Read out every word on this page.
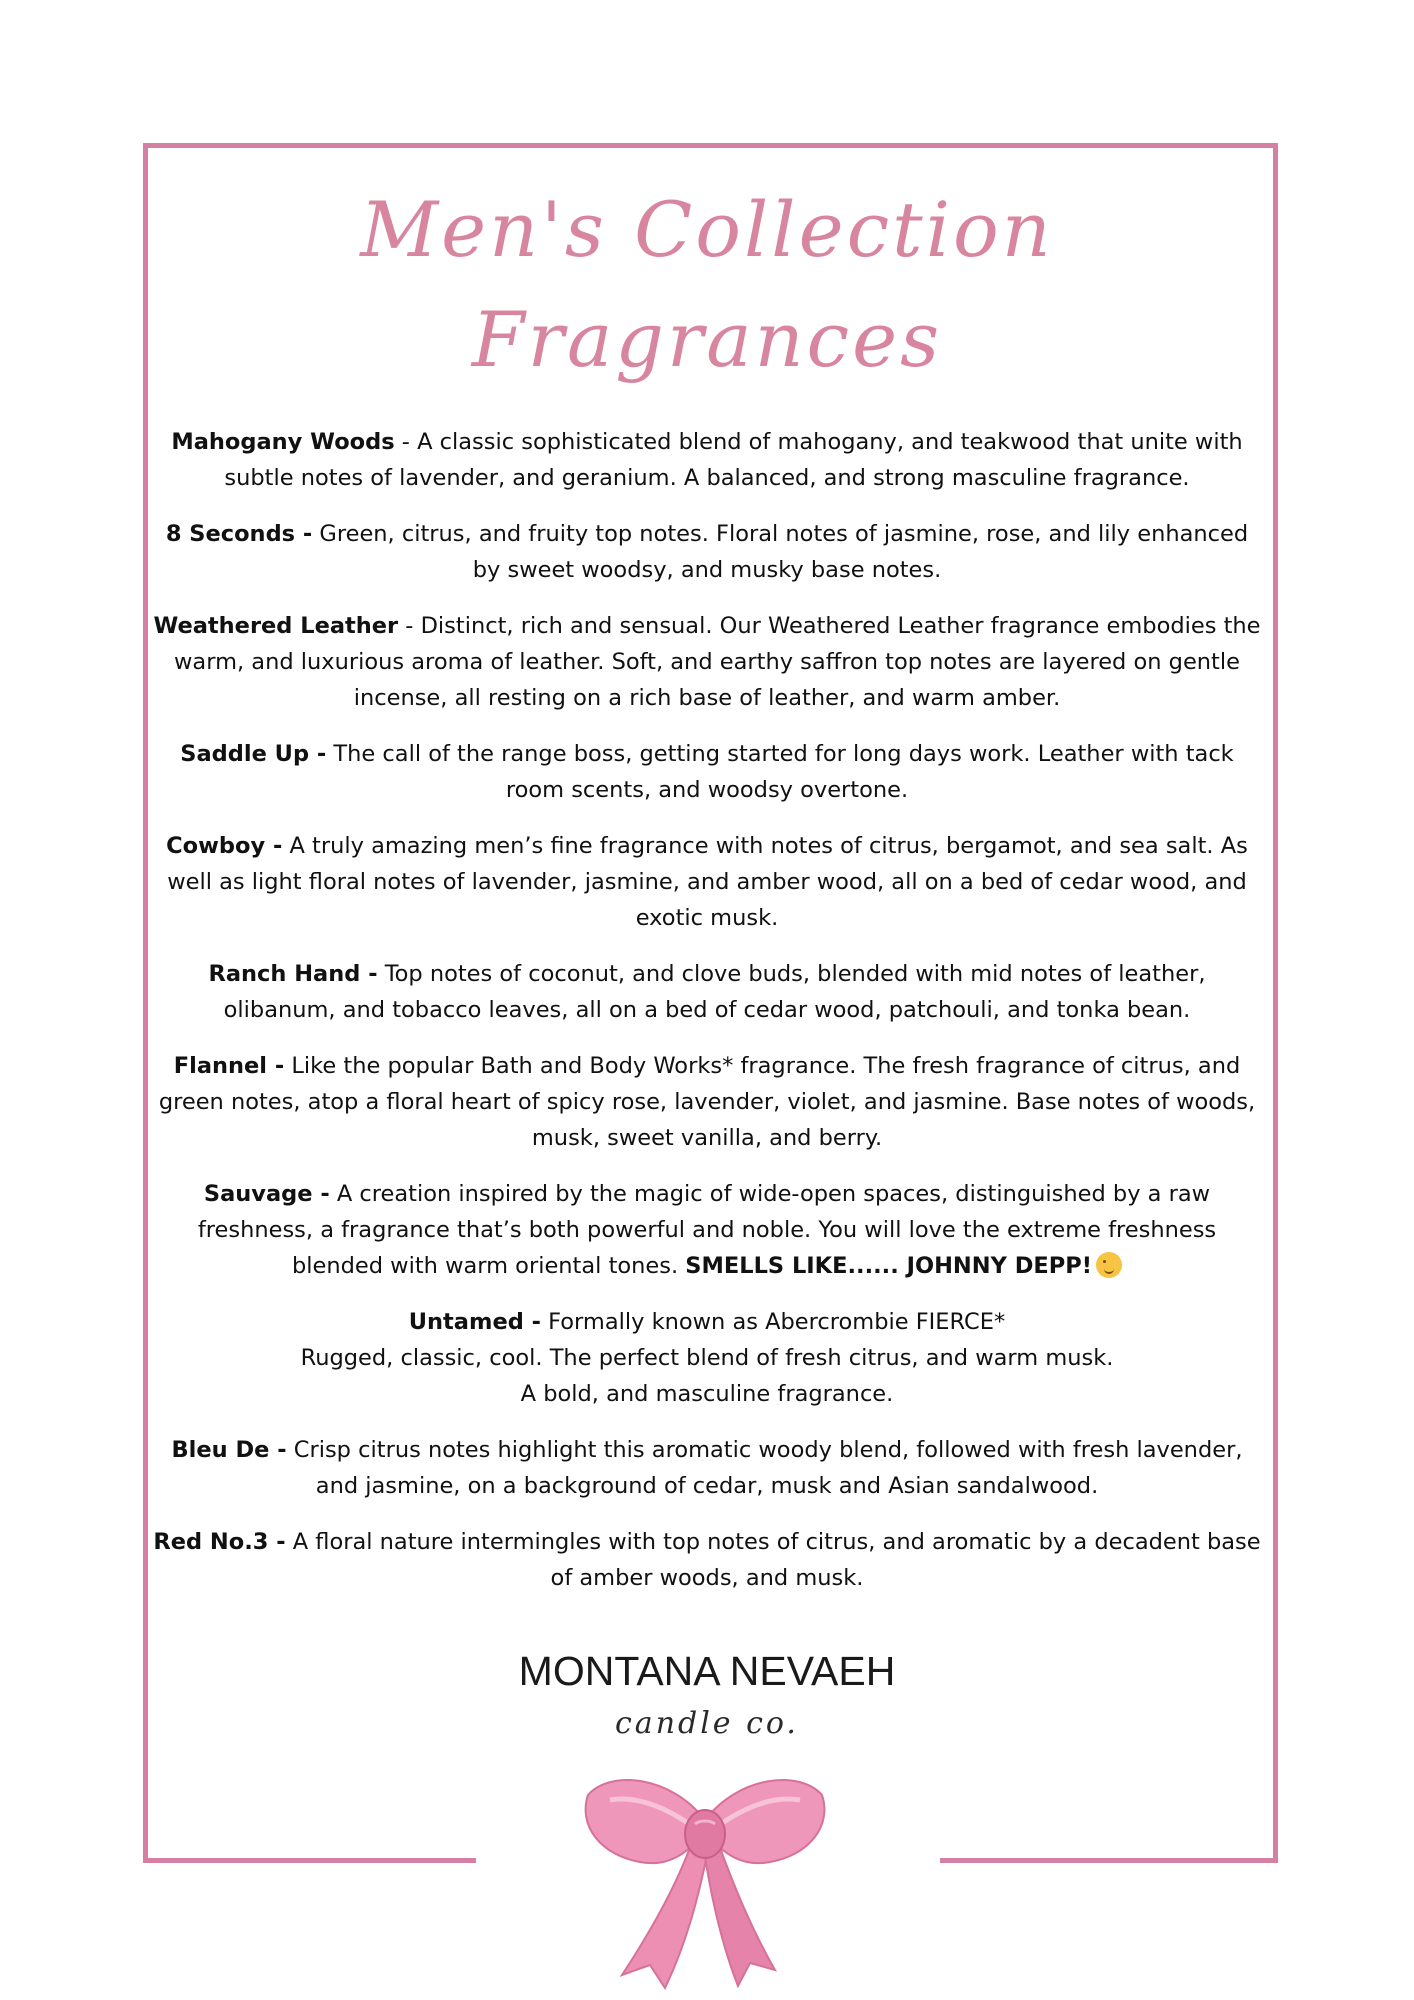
Men's Collection
Fragrances

Mahogany Woods - A classic sophisticated blend of mahogany, and teakwood that unite with subtle notes of lavender, and geranium. A balanced, and strong masculine fragrance.

8 Seconds - Green, citrus, and fruity top notes. Floral notes of jasmine, rose, and lily enhanced by sweet woodsy, and musky base notes.

Weathered Leather - Distinct, rich and sensual. Our Weathered Leather fragrance embodies the warm, and luxurious aroma of leather. Soft, and earthy saffron top notes are layered on gentle incense, all resting on a rich base of leather, and warm amber.

Saddle Up - The call of the range boss, getting started for long days work. Leather with tack room scents, and woodsy overtone.

Cowboy - A truly amazing men’s fine fragrance with notes of citrus, bergamot, and sea salt. As well as light floral notes of lavender, jasmine, and amber wood, all on a bed of cedar wood, and exotic musk.

Ranch Hand - Top notes of coconut, and clove buds, blended with mid notes of leather, olibanum, and tobacco leaves, all on a bed of cedar wood, patchouli, and tonka bean.

Flannel - Like the popular Bath and Body Works* fragrance. The fresh fragrance of citrus, and green notes, atop a floral heart of spicy rose, lavender, violet, and jasmine. Base notes of woods, musk, sweet vanilla, and berry.

Sauvage - A creation inspired by the magic of wide-open spaces, distinguished by a raw freshness, a fragrance that’s both powerful and noble. You will love the extreme freshness blended with warm oriental tones. SMELLS LIKE...... JOHNNY DEPP!

Untamed - Formally known as Abercrombie FIERCE*
Rugged, classic, cool. The perfect blend of fresh citrus, and warm musk.
A bold, and masculine fragrance.

Bleu De - Crisp citrus notes highlight this aromatic woody blend, followed with fresh lavender, and jasmine, on a background of cedar, musk and Asian sandalwood.

Red No.3 - A floral nature intermingles with top notes of citrus, and aromatic by a decadent base of amber woods, and musk.

MONTANA NEVAEH
candle co.
